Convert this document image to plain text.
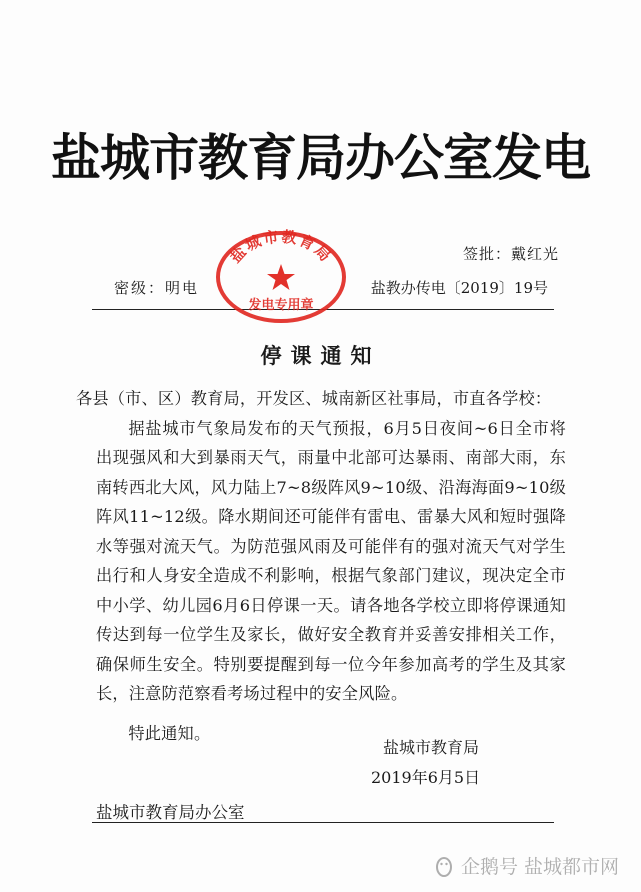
盐城市教育局办公室发电
签批：戴红光
密级：明电	盐教办传电〔2019〕19号
盐城市教育局
发电专用章
停课通知
各县（市、区）教育局，开发区、城南新区社事局，市直各学校：
据盐城市气象局发布的天气预报，6月5日夜间~6日全市将出现强风和大到暴雨天气，雨量中北部可达暴雨、南部大雨，东南转西北大风，风力陆上7~8级阵风9~10级、沿海海面9~10级阵风11~12级。降水期间还可能伴有雷电、雷暴大风和短时强降水等强对流天气。为防范强风雨及可能伴有的强对流天气对学生出行和人身安全造成不利影响，根据气象部门建议，现决定全市中小学、幼儿园6月6日停课一天。请各地各学校立即将停课通知传达到每一位学生及家长，做好安全教育并妥善安排相关工作，确保师生安全。特别要提醒到每一位今年参加高考的学生及其家长，注意防范察看考场过程中的安全风险。
特此通知。
盐城市教育局
2019年6月5日
盐城市教育局办公室
企鹅号 盐城都市网
